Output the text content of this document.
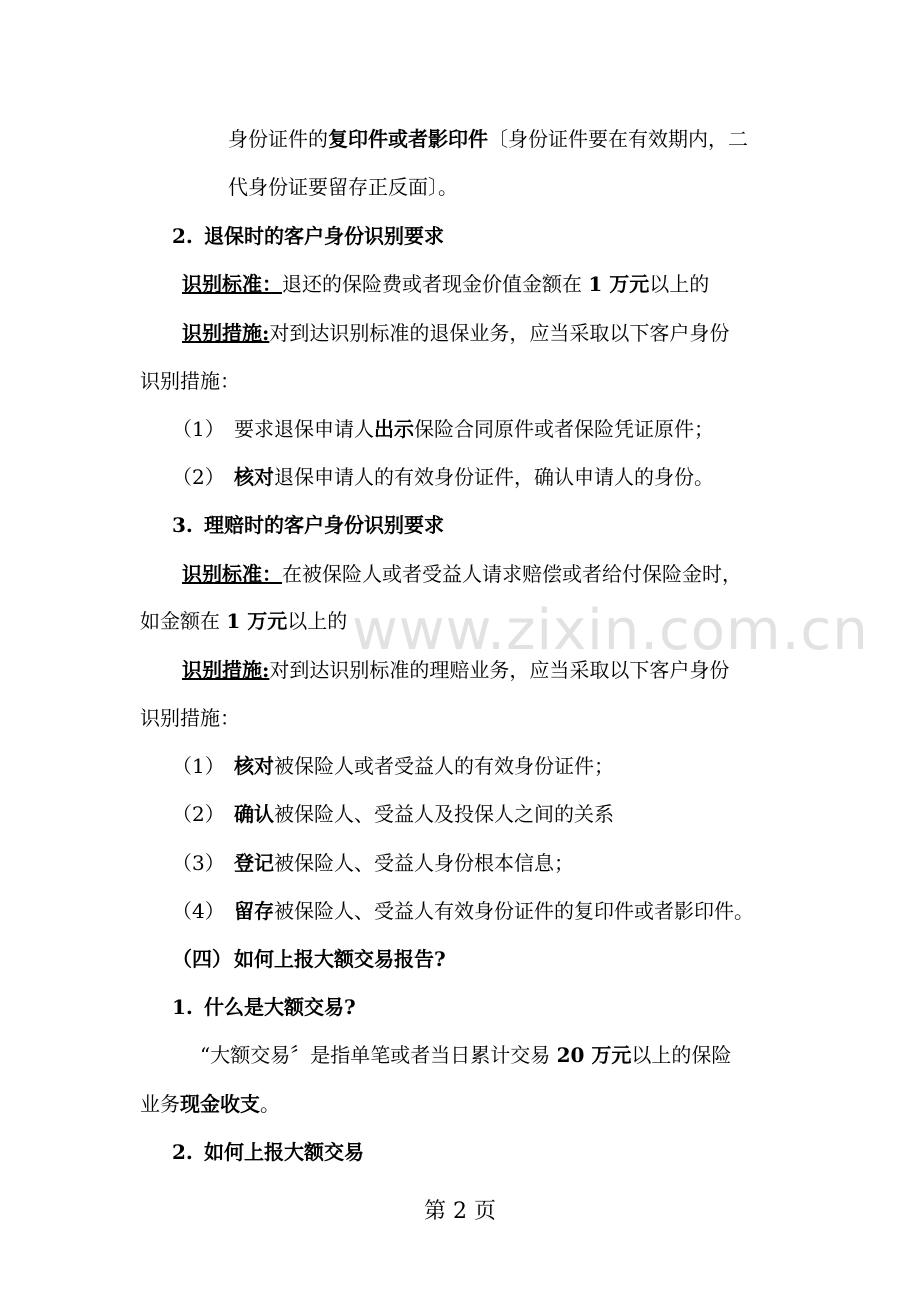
身份证件的复印件或者影印件〔身份证件要在有效期内，二
代身份证要留存正反面〕。
2. 退保时的客户身份识别要求
识别标准：退还的保险费或者现金价值金额在 1 万元以上的
识别措施:对到达识别标准的退保业务，应当采取以下客户身份
识别措施：
（1） 要求退保申请人出示保险合同原件或者保险凭证原件；
（2） 核对退保申请人的有效身份证件，确认申请人的身份。
3. 理赔时的客户身份识别要求
识别标准：在被保险人或者受益人请求赔偿或者给付保险金时，
如金额在 1 万元以上的
识别措施:对到达识别标准的理赔业务，应当采取以下客户身份
识别措施：
（1） 核对被保险人或者受益人的有效身份证件；
（2） 确认被保险人、受益人及投保人之间的关系
（3） 登记被保险人、受益人身份根本信息；
（4） 留存被保险人、受益人有效身份证件的复印件或者影印件。
（四） 如何上报大额交易报告?
1. 什么是大额交易?
“大额交易〞是指单笔或者当日累计交易 20 万元以上的保险
业务现金收支。
2. 如何上报大额交易
www.zixin.com.cn
第 2 页
